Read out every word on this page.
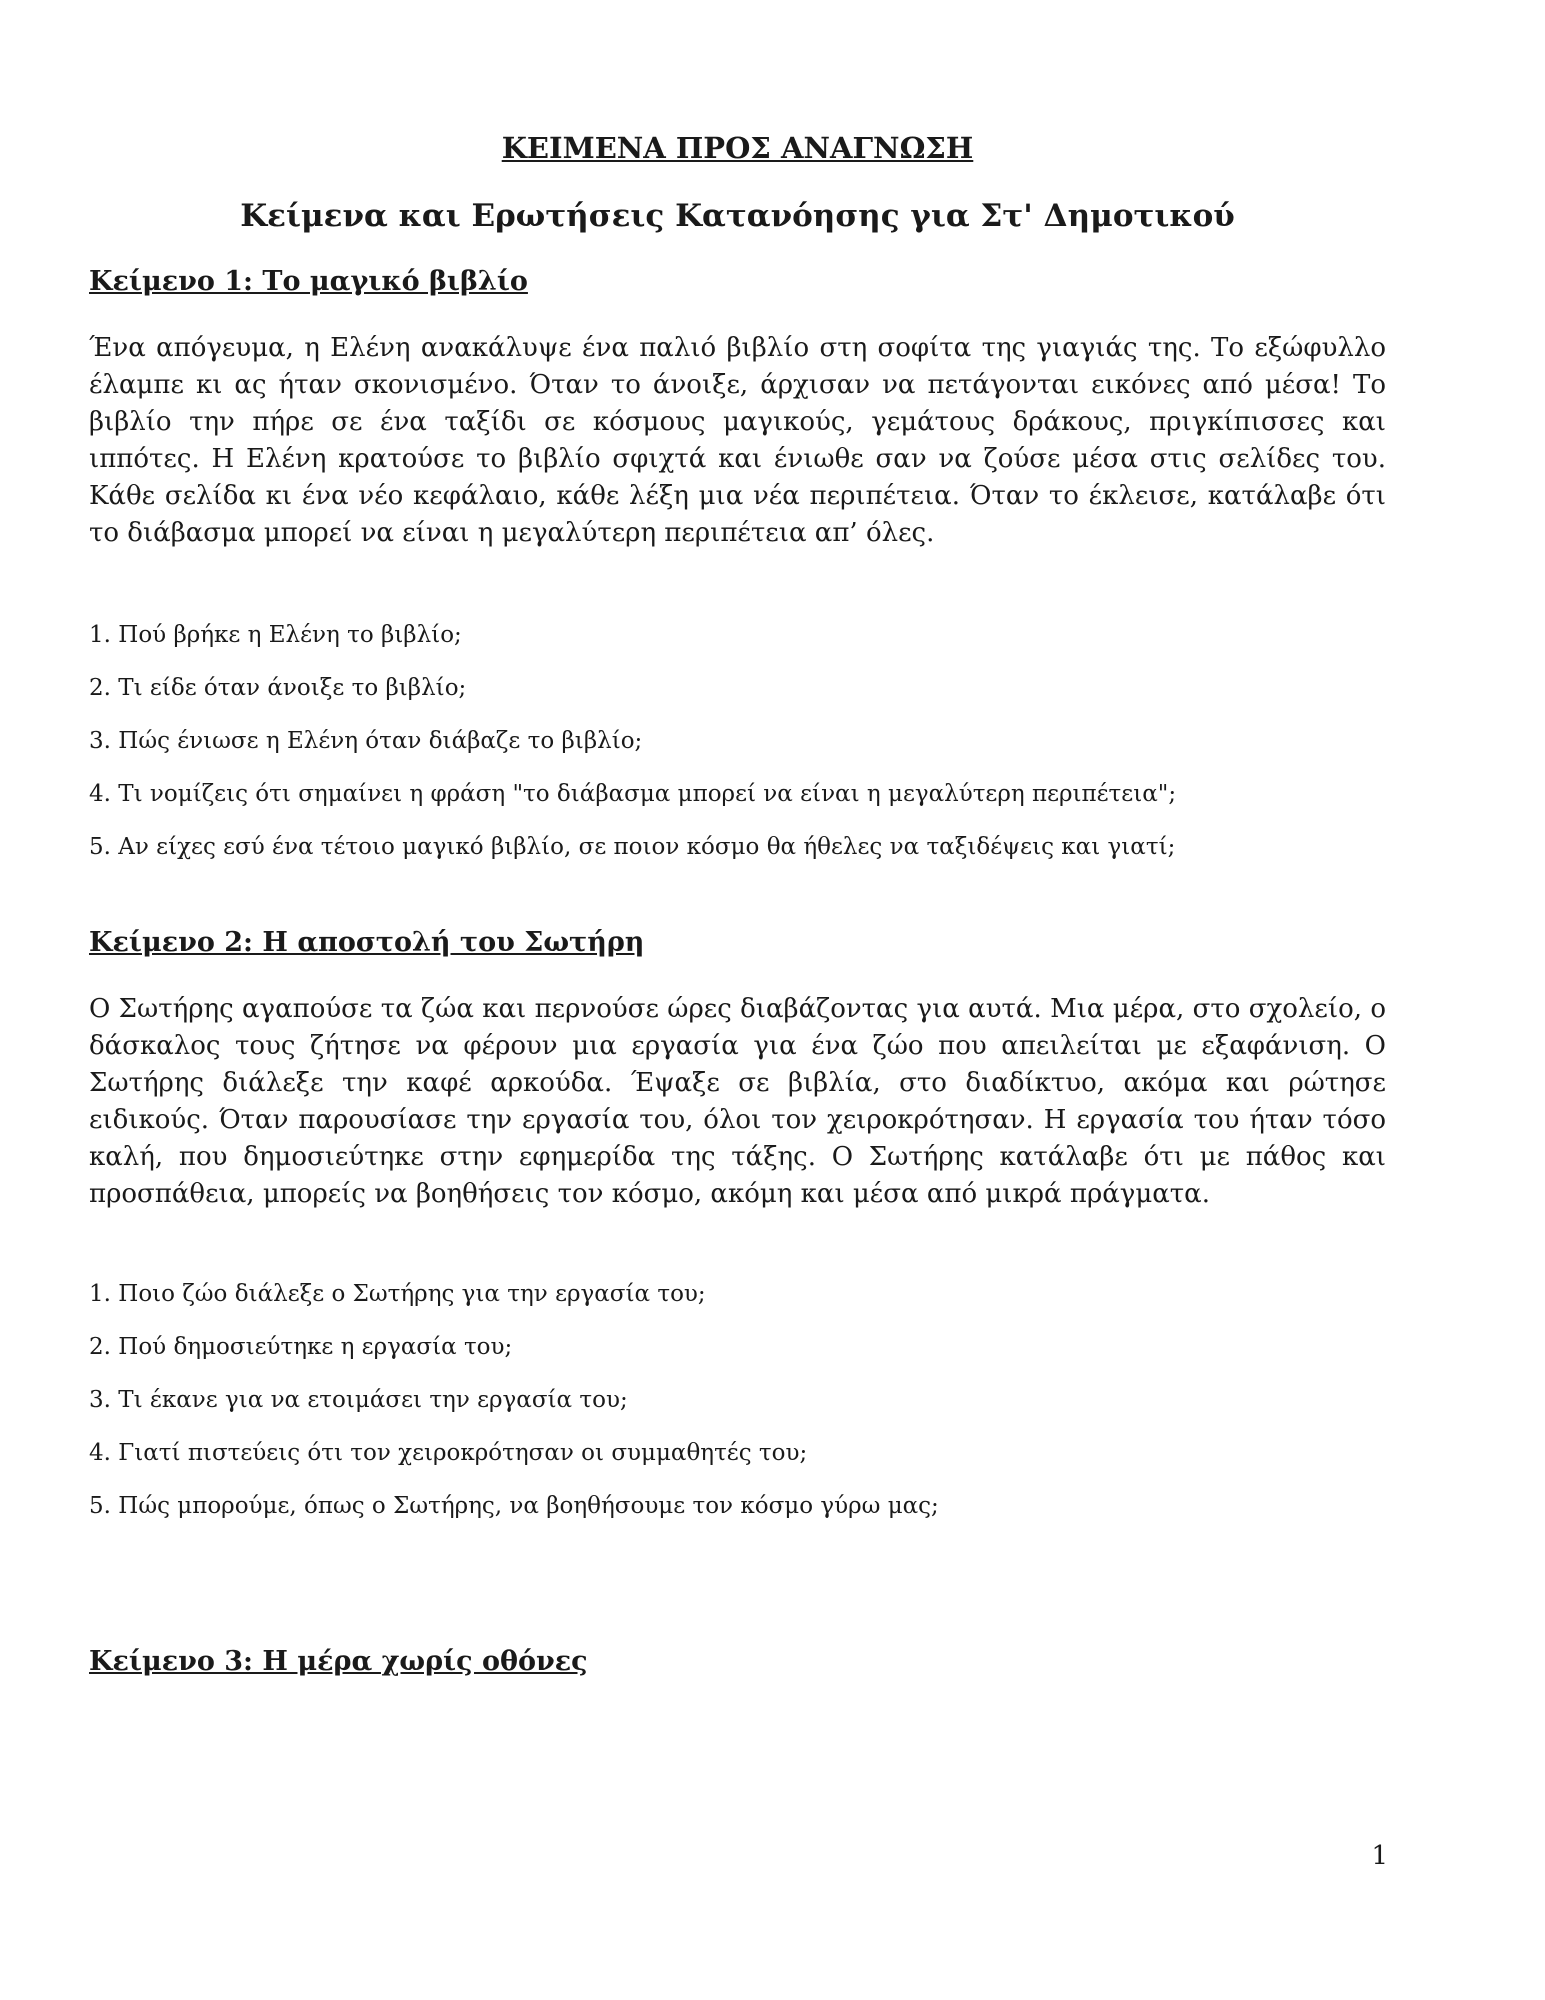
ΚΕΙΜΕΝΑ ΠΡΟΣ ΑΝΑΓΝΩΣΗ
Κείμενα και Ερωτήσεις Κατανόησης για Στ' Δημοτικού
Κείμενο 1: Το μαγικό βιβλίο

Ένα απόγευμα, η Ελένη ανακάλυψε ένα παλιό βιβλίο στη σοφίτα της γιαγιάς της. Το εξώφυλλο έλαμπε κι ας ήταν σκονισμένο. Όταν το άνοιξε, άρχισαν να πετάγονται εικόνες από μέσα! Το βιβλίο την πήρε σε ένα ταξίδι σε κόσμους μαγικούς, γεμάτους δράκους, πριγκίπισσες και ιππότες. Η Ελένη κρατούσε το βιβλίο σφιχτά και ένιωθε σαν να ζούσε μέσα στις σελίδες του. Κάθε σελίδα κι ένα νέο κεφάλαιο, κάθε λέξη μια νέα περιπέτεια. Όταν το έκλεισε, κατάλαβε ότι το διάβασμα μπορεί να είναι η μεγαλύτερη περιπέτεια απ’ όλες.

1. Πού βρήκε η Ελένη το βιβλίο;
2. Τι είδε όταν άνοιξε το βιβλίο;
3. Πώς ένιωσε η Ελένη όταν διάβαζε το βιβλίο;
4. Τι νομίζεις ότι σημαίνει η φράση "το διάβασμα μπορεί να είναι η μεγαλύτερη περιπέτεια";
5. Αν είχες εσύ ένα τέτοιο μαγικό βιβλίο, σε ποιον κόσμο θα ήθελες να ταξιδέψεις και γιατί;
Κείμενο 2: Η αποστολή του Σωτήρη

Ο Σωτήρης αγαπούσε τα ζώα και περνούσε ώρες διαβάζοντας για αυτά. Μια μέρα, στο σχολείο, ο δάσκαλος τους ζήτησε να φέρουν μια εργασία για ένα ζώο που απειλείται με εξαφάνιση. Ο Σωτήρης διάλεξε την καφέ αρκούδα. Έψαξε σε βιβλία, στο διαδίκτυο, ακόμα και ρώτησε ειδικούς. Όταν παρουσίασε την εργασία του, όλοι τον χειροκρότησαν. Η εργασία του ήταν τόσο καλή, που δημοσιεύτηκε στην εφημερίδα της τάξης. Ο Σωτήρης κατάλαβε ότι με πάθος και προσπάθεια, μπορείς να βοηθήσεις τον κόσμο, ακόμη και μέσα από μικρά πράγματα.

1. Ποιο ζώο διάλεξε ο Σωτήρης για την εργασία του;
2. Πού δημοσιεύτηκε η εργασία του;
3. Τι έκανε για να ετοιμάσει την εργασία του;
4. Γιατί πιστεύεις ότι τον χειροκρότησαν οι συμμαθητές του;
5. Πώς μπορούμε, όπως ο Σωτήρης, να βοηθήσουμε τον κόσμο γύρω μας;
Κείμενο 3: Η μέρα χωρίς οθόνες
1
